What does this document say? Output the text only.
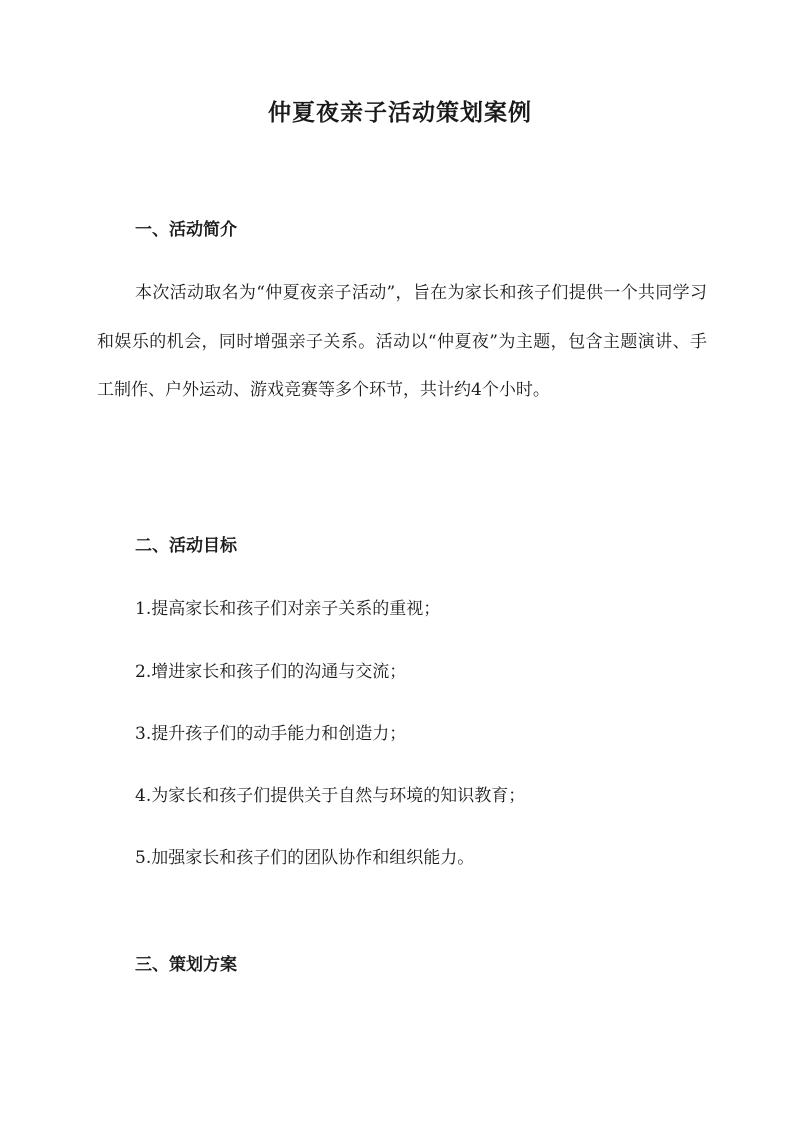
仲夏夜亲子活动策划案例
一、活动简介

本次活动取名为“仲夏夜亲子活动”，旨在为家长和孩子们提供一个共同学习和娱乐的机会，同时增强亲子关系。活动以“仲夏夜”为主题，包含主题演讲、手工制作、户外运动、游戏竞赛等多个环节，共计约4个小时。

二、活动目标

1.提高家长和孩子们对亲子关系的重视；

2.增进家长和孩子们的沟通与交流；

3.提升孩子们的动手能力和创造力；

4.为家长和孩子们提供关于自然与环境的知识教育；

5.加强家长和孩子们的团队协作和组织能力。

三、策划方案
